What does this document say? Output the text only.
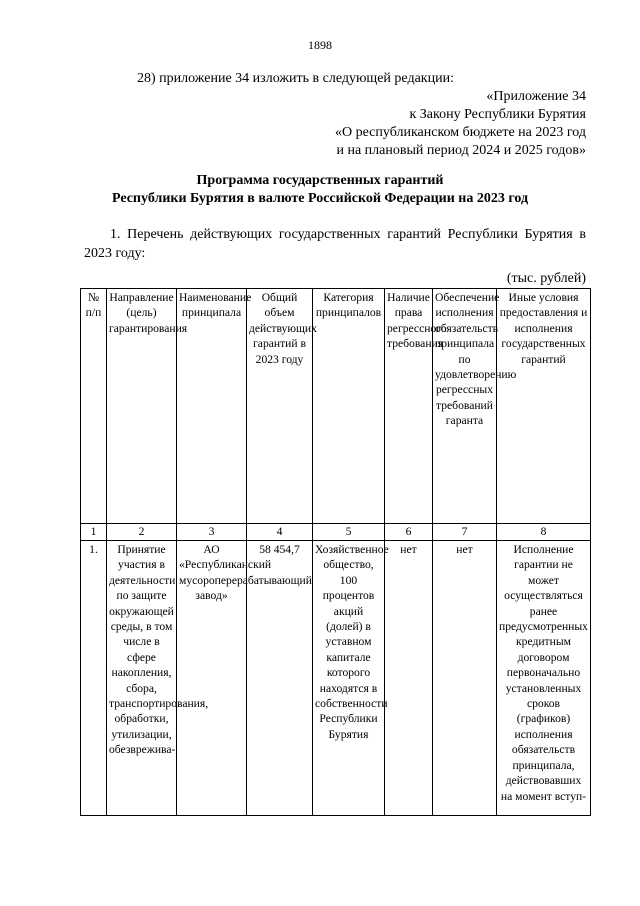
1898
28) приложение 34 изложить в следующей редакции:
«Приложение 34
к Закону Республики Бурятия
«О республиканском бюджете на 2023 год
и на плановый период 2024 и 2025 годов»
Программа государственных гарантий
Республики Бурятия в валюте Российской Федерации на 2023 год
1. Перечень действующих государственных гарантий Республики Бурятия в 2023 году:
(тыс. рублей)
№ п/п	Направление (цель) гарантирования	Наименование принципала	Общий объем действующих гарантий в 2023 году	Категория принципалов	Наличие права регрессного требования	Обеспечение исполнения обязательств принципала по удовлетворению регрессных требований гаранта	Иные условия предоставления и исполнения государственных гарантий
1	2	3	4	5	6	7	8

1.	Принятие участия в деятельности по защите окружающей среды, в том числе в сфере накопления, сбора, транспортирования, обработки, утилизации, обезврежива-	АО «Республиканский мусороперерабатывающий завод»	58 454,7	Хозяйственное общество, 100 процентов акций (долей) в уставном капитале которого находятся в собственности Республики Бурятия	нет	нет	Исполнение гарантии не может осуществляться ранее предусмотренных кредитным договором первоначально установленных сроков (графиков) исполнения обязательств принципала, действовавших на момент вступ-
